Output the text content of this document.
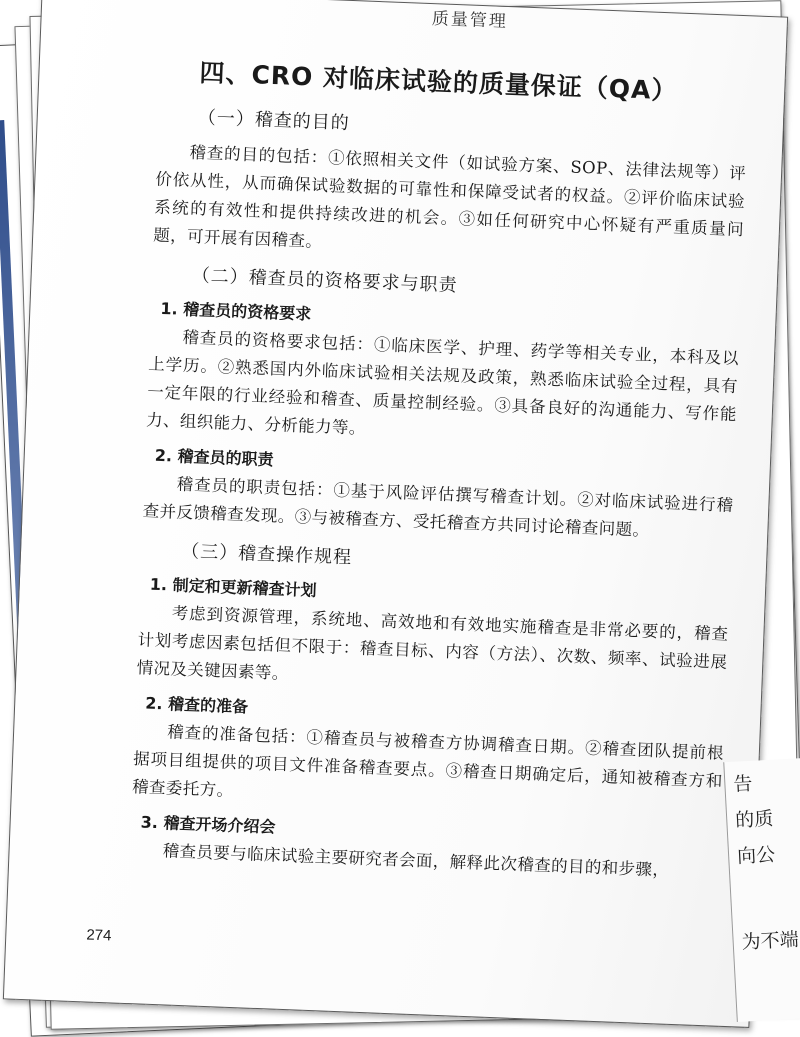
质量管理
四、CRO 对临床试验的质量保证（QA）
（一）稽查的目的

稽查的目的包括：①依照相关文件（如试验方案、SOP、法律法规等）评价依从性，从而确保试验数据的可靠性和保障受试者的权益。②评价临床试验系统的有效性和提供持续改进的机会。③如任何研究中心怀疑有严重质量问题，可开展有因稽查。

（二）稽查员的资格要求与职责
1. 稽查员的资格要求

稽查员的资格要求包括：①临床医学、护理、药学等相关专业，本科及以上学历。②熟悉国内外临床试验相关法规及政策，熟悉临床试验全过程，具有一定年限的行业经验和稽查、质量控制经验。③具备良好的沟通能力、写作能力、组织能力、分析能力等。

2. 稽查员的职责

稽查员的职责包括：①基于风险评估撰写稽查计划。②对临床试验进行稽查并反馈稽查发现。③与被稽查方、受托稽查方共同讨论稽查问题。

（三）稽查操作规程
1. 制定和更新稽查计划

考虑到资源管理，系统地、高效地和有效地实施稽查是非常必要的，稽查计划考虑因素包括但不限于：稽查目标、内容（方法）、次数、频率、试验进展情况及关键因素等。

2. 稽查的准备

稽查的准备包括：①稽查员与被稽查方协调稽查日期。②稽查团队提前根据项目组提供的项目文件准备稽查要点。③稽查日期确定后，通知被稽查方和稽查委托方。

3. 稽查开场介绍会

稽查员要与临床试验主要研究者会面，解释此次稽查的目的和步骤，

274
告
的质
向公
为不端
